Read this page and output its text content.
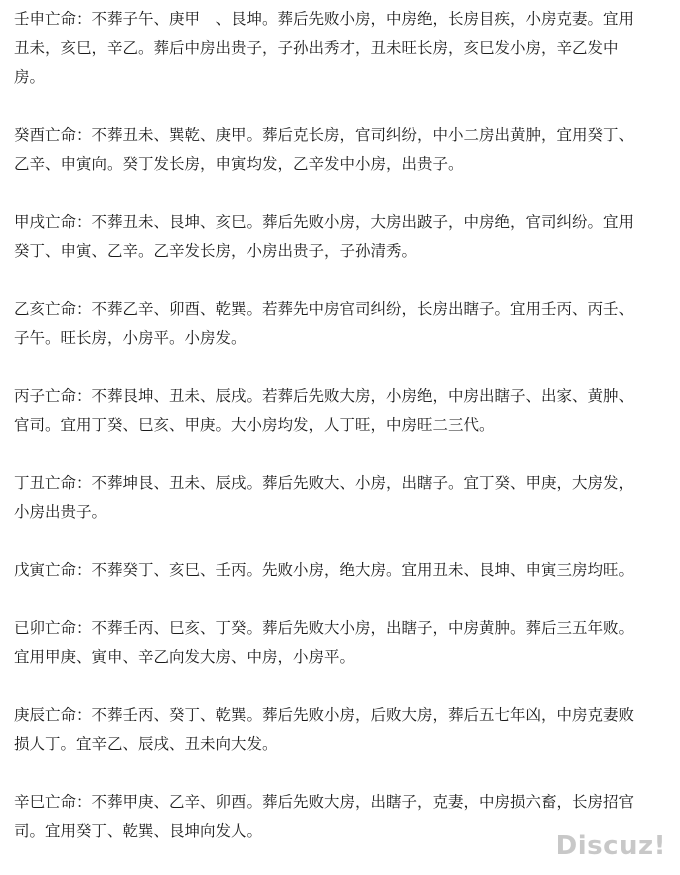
壬申亡命：不葬子午、庚甲　、艮坤。葬后先败小房，中房绝，长房目疾，小房克妻。宜用
丑未，亥巳，辛乙。葬后中房出贵子，子孙出秀才，丑未旺长房，亥巳发小房，辛乙发中
房。
癸酉亡命：不葬丑未、巽乾、庚甲。葬后克长房，官司纠纷，中小二房出黄肿，宜用癸丁、
乙辛、申寅向。癸丁发长房，申寅均发，乙辛发中小房，出贵子。
甲戌亡命：不葬丑未、艮坤、亥巳。葬后先败小房，大房出跛子，中房绝，官司纠纷。宜用
癸丁、申寅、乙辛。乙辛发长房，小房出贵子，子孙清秀。
乙亥亡命：不葬乙辛、卯酉、乾巽。若葬先中房官司纠纷，长房出瞎子。宜用壬丙、丙壬、
子午。旺长房，小房平。小房发。
丙子亡命：不葬艮坤、丑未、辰戌。若葬后先败大房，小房绝，中房出瞎子、出家、黄肿、
官司。宜用丁癸、巳亥、甲庚。大小房均发，人丁旺，中房旺二三代。
丁丑亡命：不葬坤艮、丑未、辰戌。葬后先败大、小房，出瞎子。宜丁癸、甲庚，大房发，
小房出贵子。
戊寅亡命：不葬癸丁、亥巳、壬丙。先败小房，绝大房。宜用丑未、艮坤、申寅三房均旺。
已卯亡命：不葬壬丙、巳亥、丁癸。葬后先败大小房，出瞎子，中房黄肿。葬后三五年败。
宜用甲庚、寅申、辛乙向发大房、中房，小房平。
庚辰亡命：不葬壬丙、癸丁、乾巽。葬后先败小房，后败大房，葬后五七年凶，中房克妻败
损人丁。宜辛乙、辰戌、丑未向大发。
辛巳亡命：不葬甲庚、乙辛、卯酉。葬后先败大房，出瞎子，克妻，中房损六畜，长房招官
司。宜用癸丁、乾巽、艮坤向发人。	Discuz!
